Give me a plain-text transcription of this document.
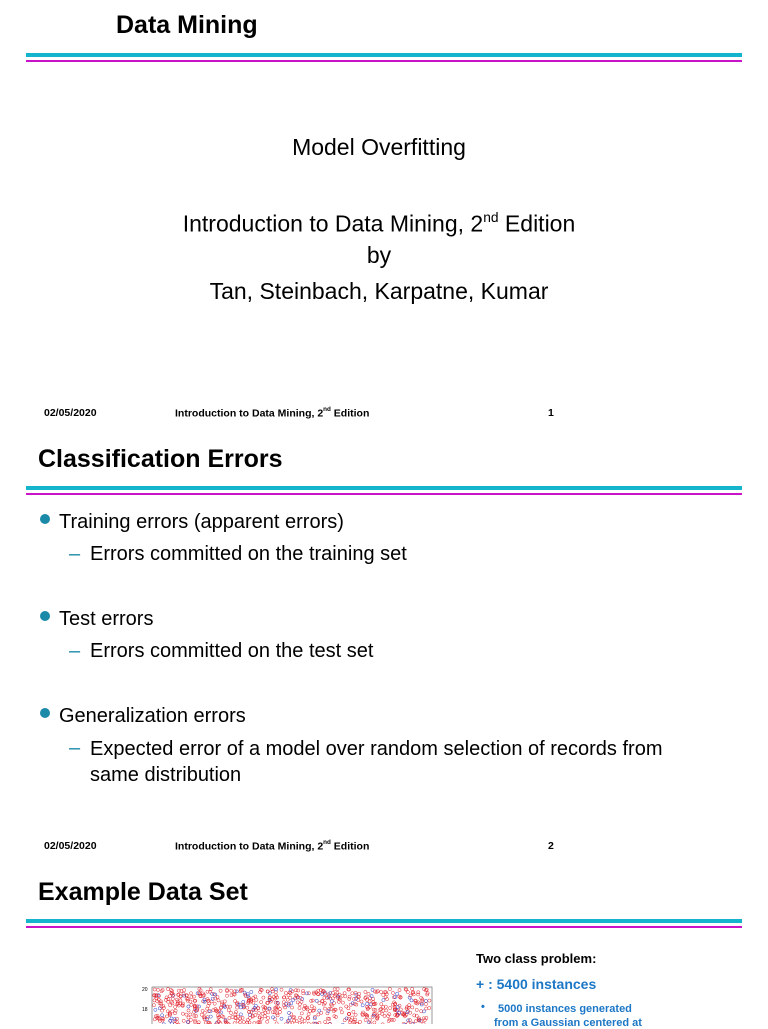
Data Mining
Model Overfitting
Introduction to Data Mining, 2nd Edition
by
Tan, Steinbach, Karpatne, Kumar
02/05/2020	Introduction to Data Mining, 2nd Edition	1
Classification Errors
Training errors (apparent errors)
– Errors committed on the training set
Test errors
– Errors committed on the test set
Generalization errors
– Expected error of a model over random selection of records from same distribution
02/05/2020	Introduction to Data Mining, 2nd Edition	2
Example Data Set
Two class problem:
+ : 5400 instances
• 5000 instances generated
from a Gaussian centered at
20
18
